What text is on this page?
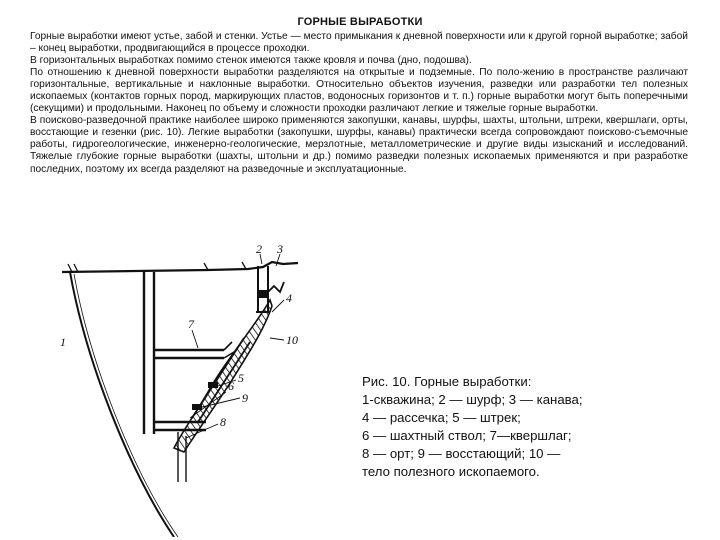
ГОРНЫЕ ВЫРАБОТКИ

Горные выработки имеют устье, забой и стенки. Устье — место примыкания к дневной поверхности или к другой горной выработке; забой – конец выработки, продвигающийся в процессе проходки.

В горизонтальных выработках помимо стенок имеются также кровля и почва (дно, подошва).

По отношению к дневной поверхности выработки разделяются на открытые и подземные. По поло-жению в пространстве различают горизонтальные, вертикальные и наклонные выработки. Относительно объектов изучения, разведки или разработки тел полезных ископаемых (контактов горных пород, маркирующих пластов, водоносных горизонтов и т. п.) горные выработки могут быть поперечными (секущими) и продольными. Наконец по объему и сложности проходки различают легкие и тяжелые горные выработки.

В поисково-разведочной практике наиболее широко применяются закопушки, канавы, шурфы, шахты, штольни, штреки, квершлаги, орты, восстающие и гезенки (рис. 10). Легкие выработки (закопушки, шурфы, канавы) практически всегда сопровождают поисково-съемочные работы, гидрогеологические, инженерно-геологические, мерзлотные, металлометрические и другие виды изысканий и исследований. Тяжелые глубокие горные выработки (шахты, штольни и др.) помимо разведки полезных ископаемых применяются и при разработке последних, поэтому их всегда разделяют на разведочные и эксплуатационные.

2 3
4
10
7
1
5
9
6
8

Рис. 10. Горные выработки:

1-скважина; 2 — шурф; 3 — канава;

4 — рассечка; 5 — штрек;

6 — шахтный ствол; 7—квершлаг;

8 — орт; 9 — восстающий; 10 —

тело полезного ископаемого.
